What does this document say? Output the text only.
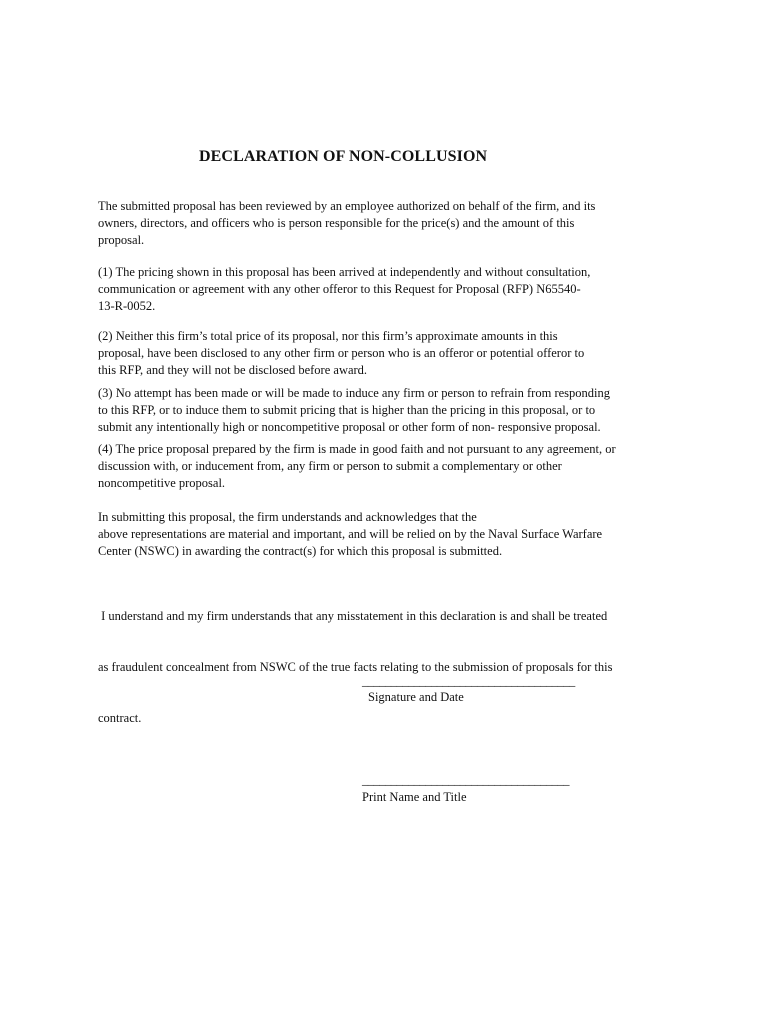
DECLARATION OF NON-COLLUSION

The submitted proposal has been reviewed by an employee authorized on behalf of the firm, and its
owners, directors, and officers who is person responsible for the price(s) and the amount of this
proposal.

(1) The pricing shown in this proposal has been arrived at independently and without consultation,
communication or agreement with any other offeror to this Request for Proposal (RFP) N65540-
13-R-0052.

(2) Neither this firm’s total price of its proposal, nor this firm’s approximate amounts in this
proposal, have been disclosed to any other firm or person who is an offeror or potential offeror to
this RFP, and they will not be disclosed before award.

(3) No attempt has been made or will be made to induce any firm or person to refrain from responding
to this RFP, or to induce them to submit pricing that is higher than the pricing in this proposal, or to
submit any intentionally high or noncompetitive proposal or other form of non- responsive proposal.

(4) The price proposal prepared by the firm is made in good faith and not pursuant to any agreement, or
discussion with, or inducement from, any firm or person to submit a complementary or other
noncompetitive proposal.

In submitting this proposal, the firm understands and acknowledges that the
above representations are material and important, and will be relied on by the Naval Surface Warfare
Center (NSWC) in awarding the contract(s) for which this proposal is submitted.

I understand and my firm understands that any misstatement in this declaration is and shall be treated

as fraudulent concealment from NSWC of the true facts relating to the submission of proposals for this

contract.

_____________________________________
Signature and Date
____________________________________
Print Name and Title
